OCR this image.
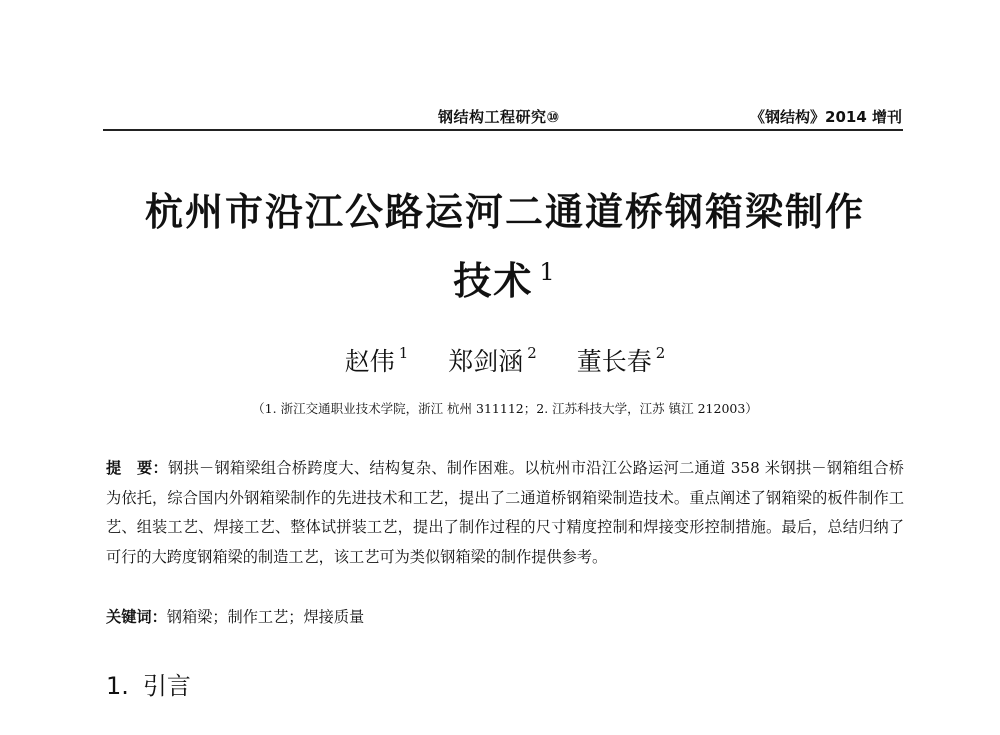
钢结构工程研究⑩	《钢结构》2014 增刊
杭州市沿江公路运河二通道桥钢箱梁制作
技术 $^1$
赵伟 $^1$ 郑剑涵 $^2$ 董长春 $^2$
（1. 浙江交通职业技术学院，浙江 杭州 311112；2. 江苏科技大学，江苏 镇江 212003）

提　要：钢拱－钢箱梁组合桥跨度大、结构复杂、制作困难。以杭州市沿江公路运河二通道 358 米钢拱－钢箱组合桥为依托，综合国内外钢箱梁制作的先进技术和工艺，提出了二通道桥钢箱梁制造技术。重点阐述了钢箱梁的板件制作工艺、组装工艺、焊接工艺、整体试拼装工艺，提出了制作过程的尺寸精度控制和焊接变形控制措施。最后，总结归纳了可行的大跨度钢箱梁的制造工艺，该工艺可为类似钢箱梁的制作提供参考。

关键词：钢箱梁；制作工艺；焊接质量
1. 引言
